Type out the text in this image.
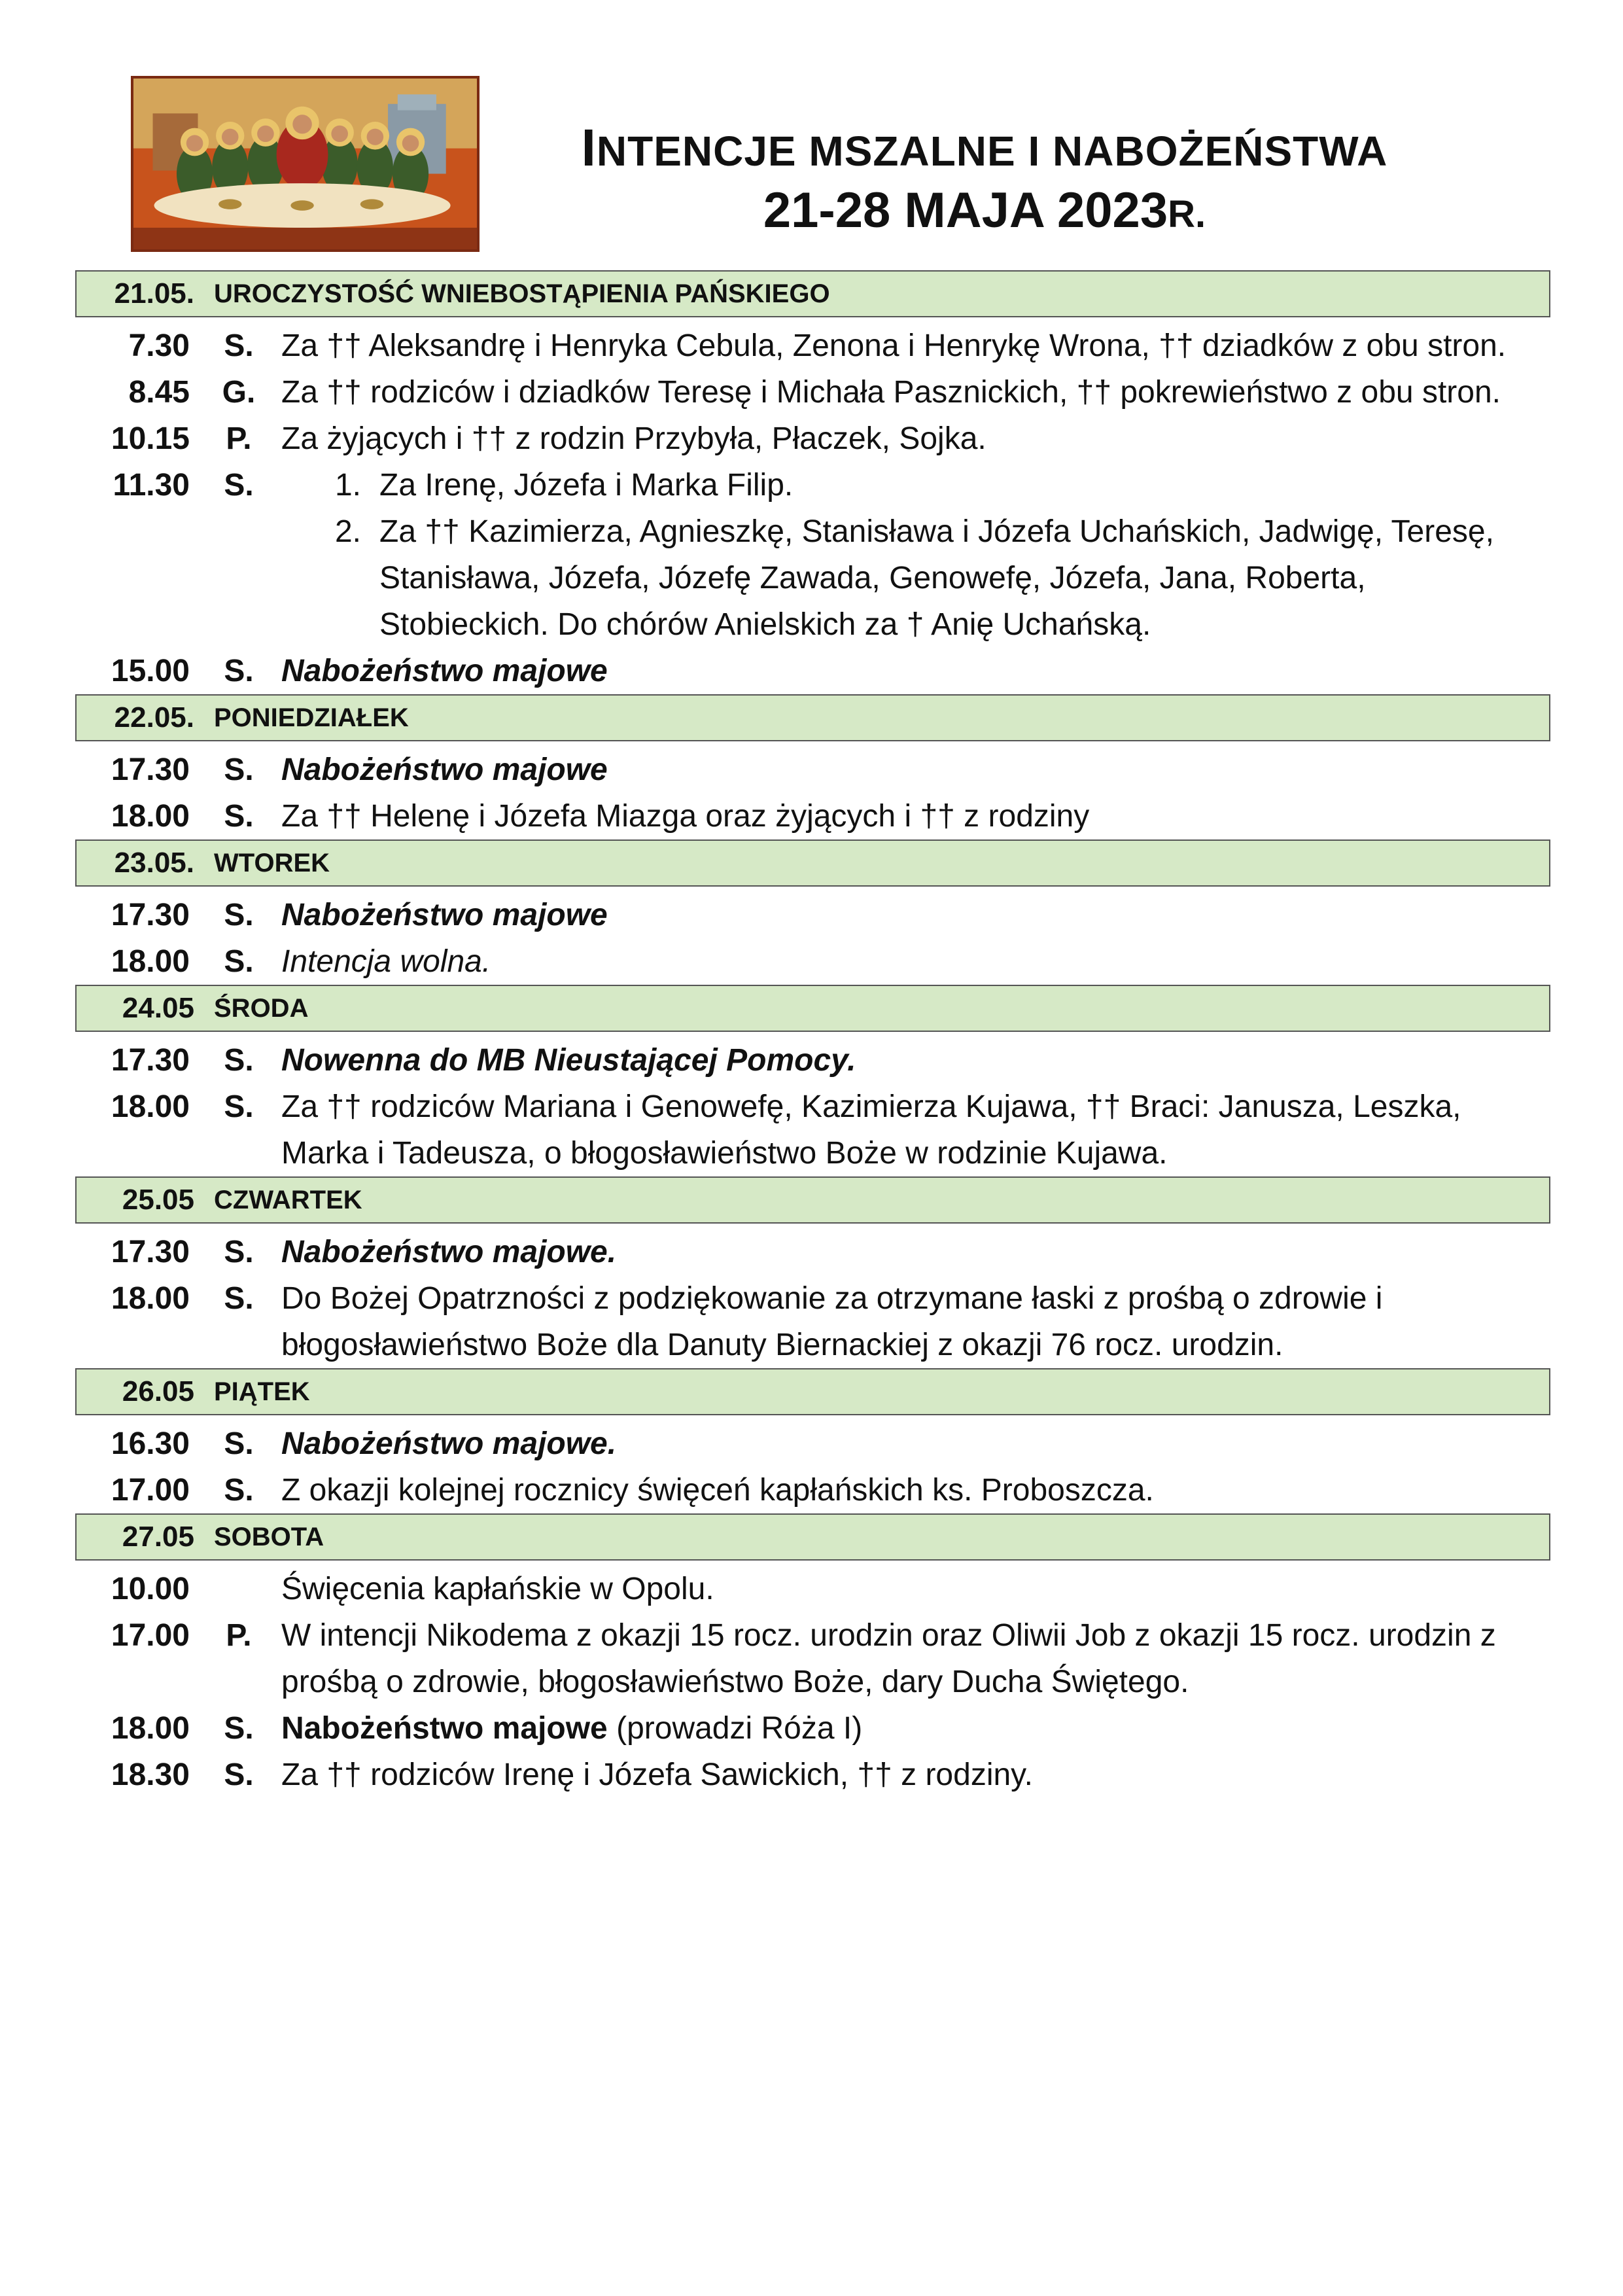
INTENCJE MSZALNE I NABOŻEŃSTWA
21-28 MAJA 2023R.
21.05. UROCZYSTOŚĆ WNIEBOSTĄPIENIA PAŃSKIEGO
7.30	S. Za †† Aleksandrę i Henryka Cebula, Zenona i Henrykę Wrona, †† dziadków z obu stron.
8.45	G. Za †† rodziców i dziadków Teresę i Michała Pasznickich, †† pokrewieństwo z obu stron.
10.15	P. Za żyjących i †† z rodzin Przybyła, Płaczek, Sojka.
11.30	S.	1. Za Irenę, Józefa i Marka Filip.
2. Za †† Kazimierza, Agnieszkę, Stanisława i Józefa Uchańskich, Jadwigę, Teresę, Stanisława, Józefa, Józefę Zawada, Genowefę, Józefa, Jana, Roberta, Stobieckich. Do chórów Anielskich za † Anię Uchańską.
15.00	S. Nabożeństwo majowe
22.05. PONIEDZIAŁEK
17.30	S. Nabożeństwo majowe
18.00	S. Za †† Helenę i Józefa Miazga oraz żyjących i †† z rodziny
23.05. WTOREK
17.30	S. Nabożeństwo majowe
18.00	S. Intencja wolna.
24.05 ŚRODA
17.30	S. Nowenna do MB Nieustającej Pomocy.
18.00	S. Za †† rodziców Mariana i Genowefę, Kazimierza Kujawa, †† Braci: Janusza, Leszka, Marka i Tadeusza, o błogosławieństwo Boże w rodzinie Kujawa.
25.05 CZWARTEK
17.30	S. Nabożeństwo majowe.
18.00	S. Do Bożej Opatrzności z podziękowanie za otrzymane łaski z prośbą o zdrowie i błogosławieństwo Boże dla Danuty Biernackiej z okazji 76 rocz. urodzin.
26.05 PIĄTEK
16.30	S. Nabożeństwo majowe.
17.00	S. Z okazji kolejnej rocznicy święceń kapłańskich ks. Proboszcza.
27.05 SOBOTA
10.00	Święcenia kapłańskie w Opolu.
17.00	P. W intencji Nikodema z okazji 15 rocz. urodzin oraz Oliwii Job z okazji 15 rocz. urodzin z prośbą o zdrowie, błogosławieństwo Boże, dary Ducha Świętego.
18.00	S. Nabożeństwo majowe (prowadzi Róża I)
18.30	S. Za †† rodziców Irenę i Józefa Sawickich, †† z rodziny.
